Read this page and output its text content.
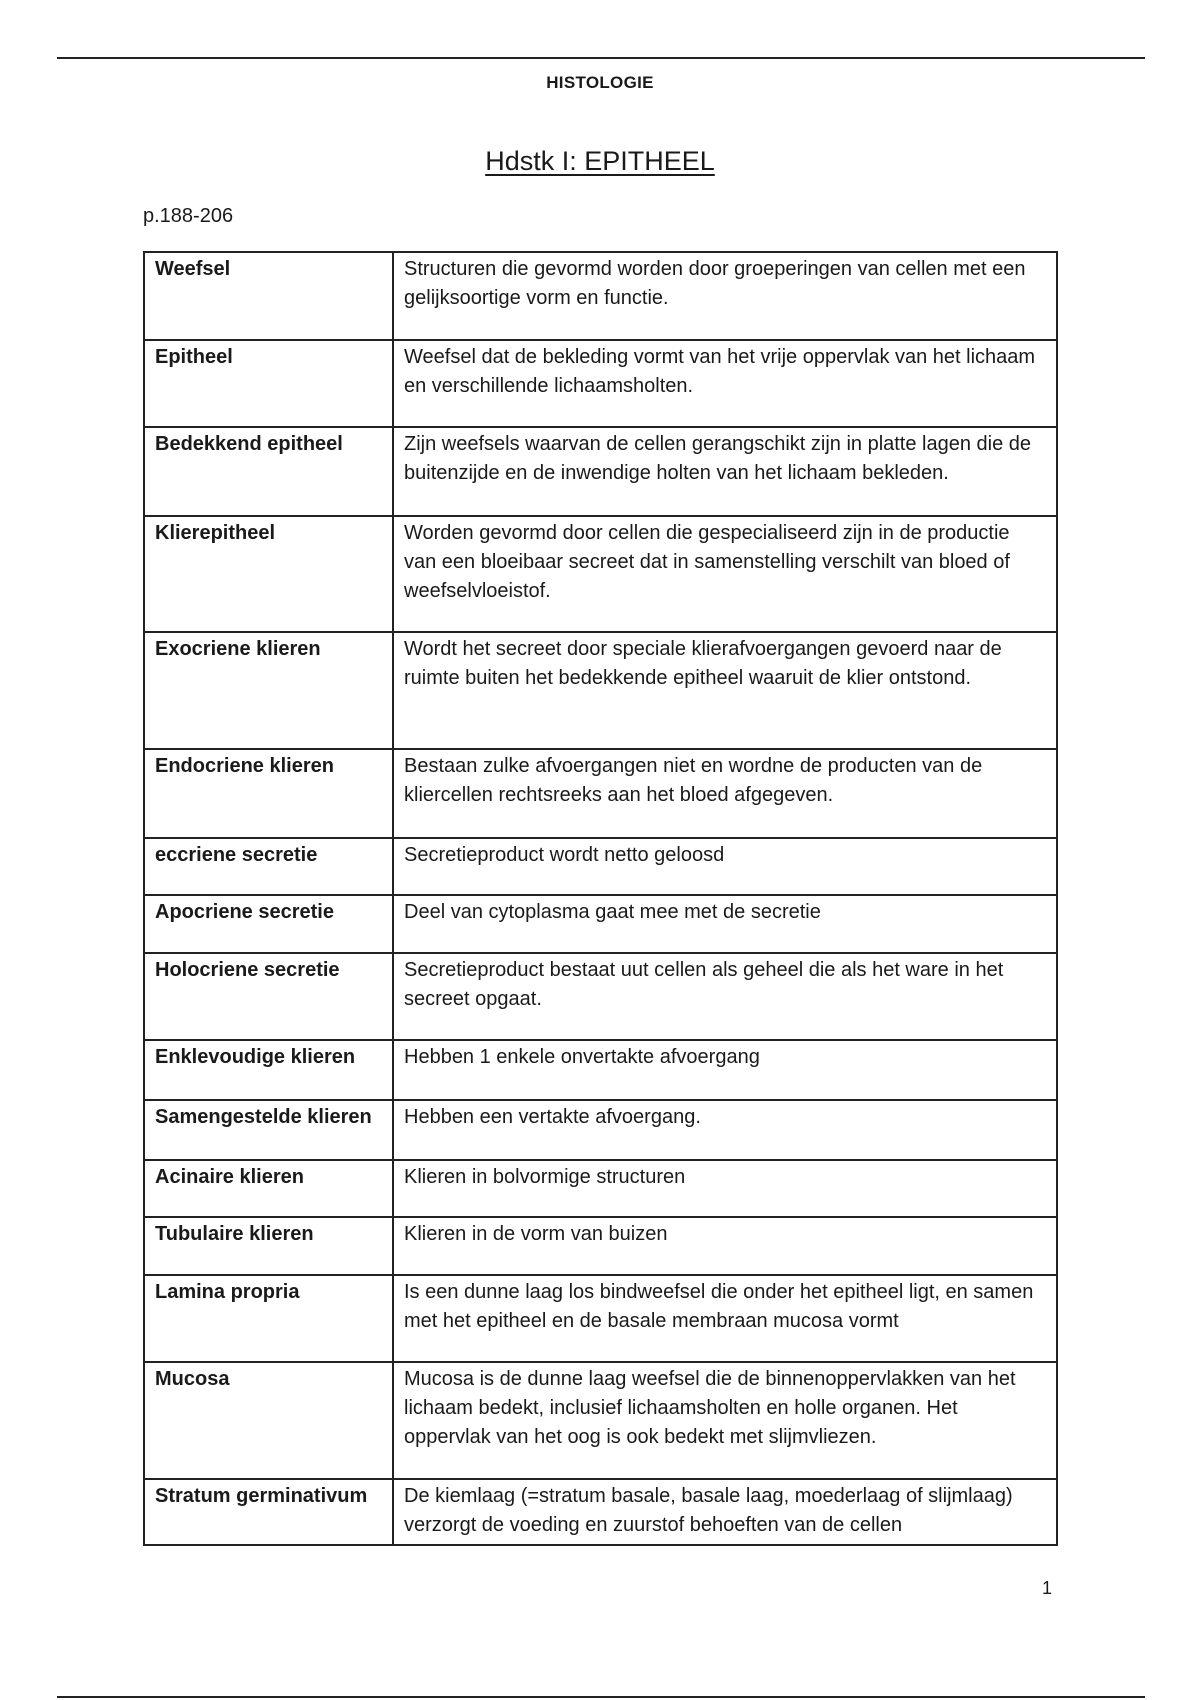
HISTOLOGIE
Hdstk I: EPITHEEL
p.188-206
Weefsel	Structuren die gevormd worden door groeperingen van cellen met een gelijksoortige vorm en functie.
Epitheel	Weefsel dat de bekleding vormt van het vrije oppervlak van het lichaam en verschillende lichaamsholten.
Bedekkend epitheel	Zijn weefsels waarvan de cellen gerangschikt zijn in platte lagen die de buitenzijde en de inwendige holten van het lichaam bekleden.
Klierepitheel	Worden gevormd door cellen die gespecialiseerd zijn in de productie van een bloeibaar secreet dat in samenstelling verschilt van bloed of weefselvloeistof.
Exocriene klieren	Wordt het secreet door speciale klierafvoergangen gevoerd naar de ruimte buiten het bedekkende epitheel waaruit de klier ontstond.
Endocriene klieren	Bestaan zulke afvoergangen niet en wordne de producten van de kliercellen rechtsreeks aan het bloed afgegeven.
eccriene secretie	Secretieproduct wordt netto geloosd
Apocriene secretie	Deel van cytoplasma gaat mee met de secretie
Holocriene secretie	Secretieproduct bestaat uut cellen als geheel die als het ware in het secreet opgaat.
Enklevoudige klieren	Hebben 1 enkele onvertakte afvoergang
Samengestelde klieren	Hebben een vertakte afvoergang.
Acinaire klieren	Klieren in bolvormige structuren
Tubulaire klieren	Klieren in de vorm van buizen
Lamina propria	Is een dunne laag los bindweefsel die onder het epitheel ligt, en samen met het epitheel en de basale membraan mucosa vormt
Mucosa	Mucosa is de dunne laag weefsel die de binnenoppervlakken van het lichaam bedekt, inclusief lichaamsholten en holle organen. Het oppervlak van het oog is ook bedekt met slijmvliezen.
Stratum germinativum	De kiemlaag (=stratum basale, basale laag, moederlaag of slijmlaag) verzorgt de voeding en zuurstof behoeften van de cellen
1
